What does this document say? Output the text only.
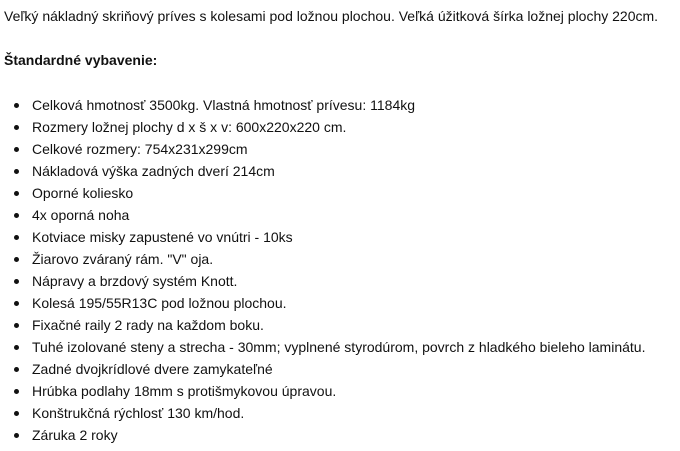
Veľký nákladný skriňový príves s kolesami pod ložnou plochou. Veľká úžitková šírka ložnej plochy 220cm.

Štandardné vybavenie:

Celková hmotnosť 3500kg. Vlastná hmotnosť prívesu: 1184kg
Rozmery ložnej plochy d x š x v: 600x220x220 cm.
Celkové rozmery: 754x231x299cm
Nákladová výška zadných dverí 214cm
Oporné koliesko
4x oporná noha
Kotviace misky zapustené vo vnútri - 10ks
Žiarovo zváraný rám. "V" oja.
Nápravy a brzdový systém Knott.
Kolesá 195/55R13C pod ložnou plochou.
Fixačné raily 2 rady na každom boku.
Tuhé izolované steny a strecha - 30mm; vyplnené styrodúrom, povrch z hladkého bieleho laminátu.
Zadné dvojkrídlové dvere zamykateľné
Hrúbka podlahy 18mm s protišmykovou úpravou.
Konštrukčná rýchlosť 130 km/hod.
Záruka 2 roky
